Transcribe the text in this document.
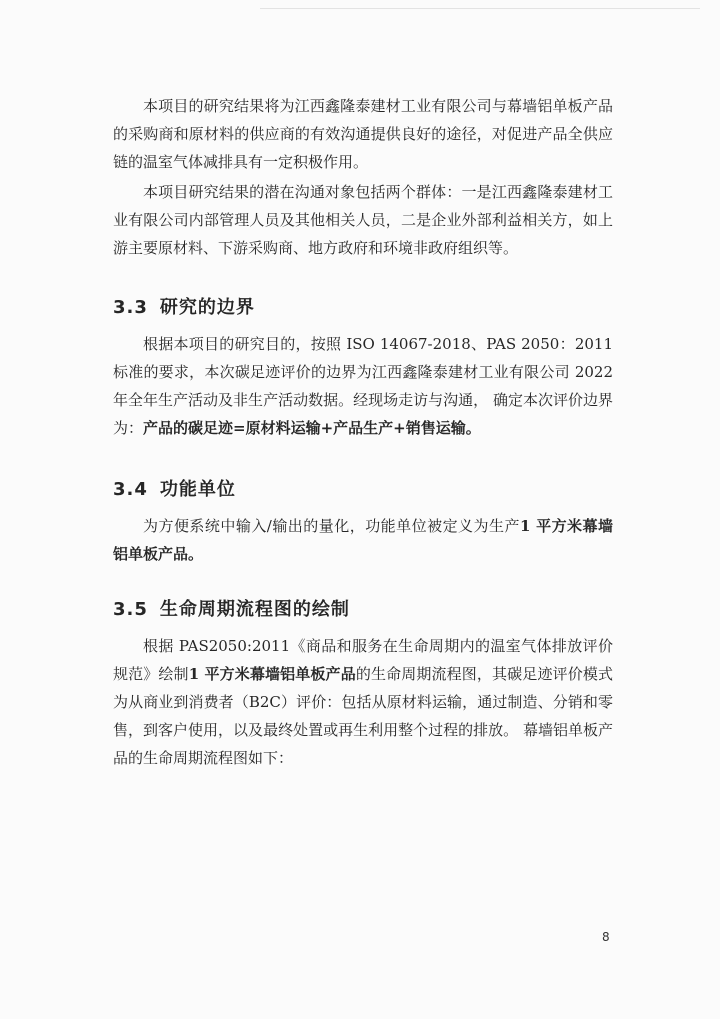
本项目的研究结果将为江西鑫隆泰建材工业有限公司与幕墙铝单板产品的采购商和原材料的供应商的有效沟通提供良好的途径，对促进产品全供应链的温室气体减排具有一定积极作用。

本项目研究结果的潜在沟通对象包括两个群体：一是江西鑫隆泰建材工业有限公司内部管理人员及其他相关人员，二是企业外部利益相关方，如上游主要原材料、下游采购商、地方政府和环境非政府组织等。

3.3 研究的边界

根据本项目的研究目的，按照 ISO 14067-2018、PAS 2050：2011 标准的要求，本次碳足迹评价的边界为江西鑫隆泰建材工业有限公司 2022 年全年生产活动及非生产活动数据。经现场走访与沟通， 确定本次评价边界为：产品的碳足迹=原材料运输+产品生产+销售运输。

3.4 功能单位

为方便系统中输入/输出的量化，功能单位被定义为生产1 平方米幕墙铝单板产品。

3.5 生命周期流程图的绘制

根据 PAS2050:2011《商品和服务在生命周期内的温室气体排放评价规范》绘制1 平方米幕墙铝单板产品的生命周期流程图，其碳足迹评价模式为从商业到消费者（B2C）评价：包括从原材料运输，通过制造、分销和零售，到客户使用，以及最终处置或再生利用整个过程的排放。 幕墙铝单板产品的生命周期流程图如下：

8
